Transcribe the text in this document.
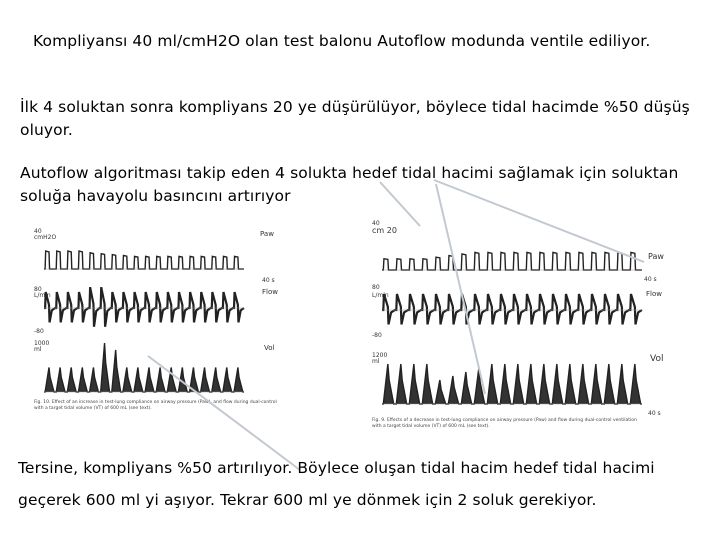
Kompliyansı 40 ml/cmH2O olan test balonu Autoflow modunda ventile ediliyor.
İlk 4 soluktan sonra kompliyans 20 ye düşürülüyor, böylece tidal hacimde %50 düşüş oluyor.
Autoflow algoritması takip eden 4 solukta hedef tidal hacimi sağlamak için soluktan soluğa havayolu basıncını artırıyor
40
cmH2O	Paw
40 s
80
L/min	Flow
-80
1000
ml	Vol
Fig. 10. Effect of an increase in test-lung compliance on airway pressure (Paw), and flow during dual-control with a target tidal volume (VT) of 600 mL (see text).
40
cm 20
Paw
40 s
80
L/min	Flow
-80
1200
ml	Vol
40 s
Fig. 9. Effects of a decrease in test-lung compliance on airway pressure (Paw) and flow during dual-control ventilation with a target tidal volume (VT) of 600 mL (see text).
Tersine, kompliyans %50 artırılıyor. Böylece oluşan tidal hacim hedef tidal hacimi geçerek 600 ml yi aşıyor. Tekrar 600 ml ye dönmek için 2 soluk gerekiyor.
